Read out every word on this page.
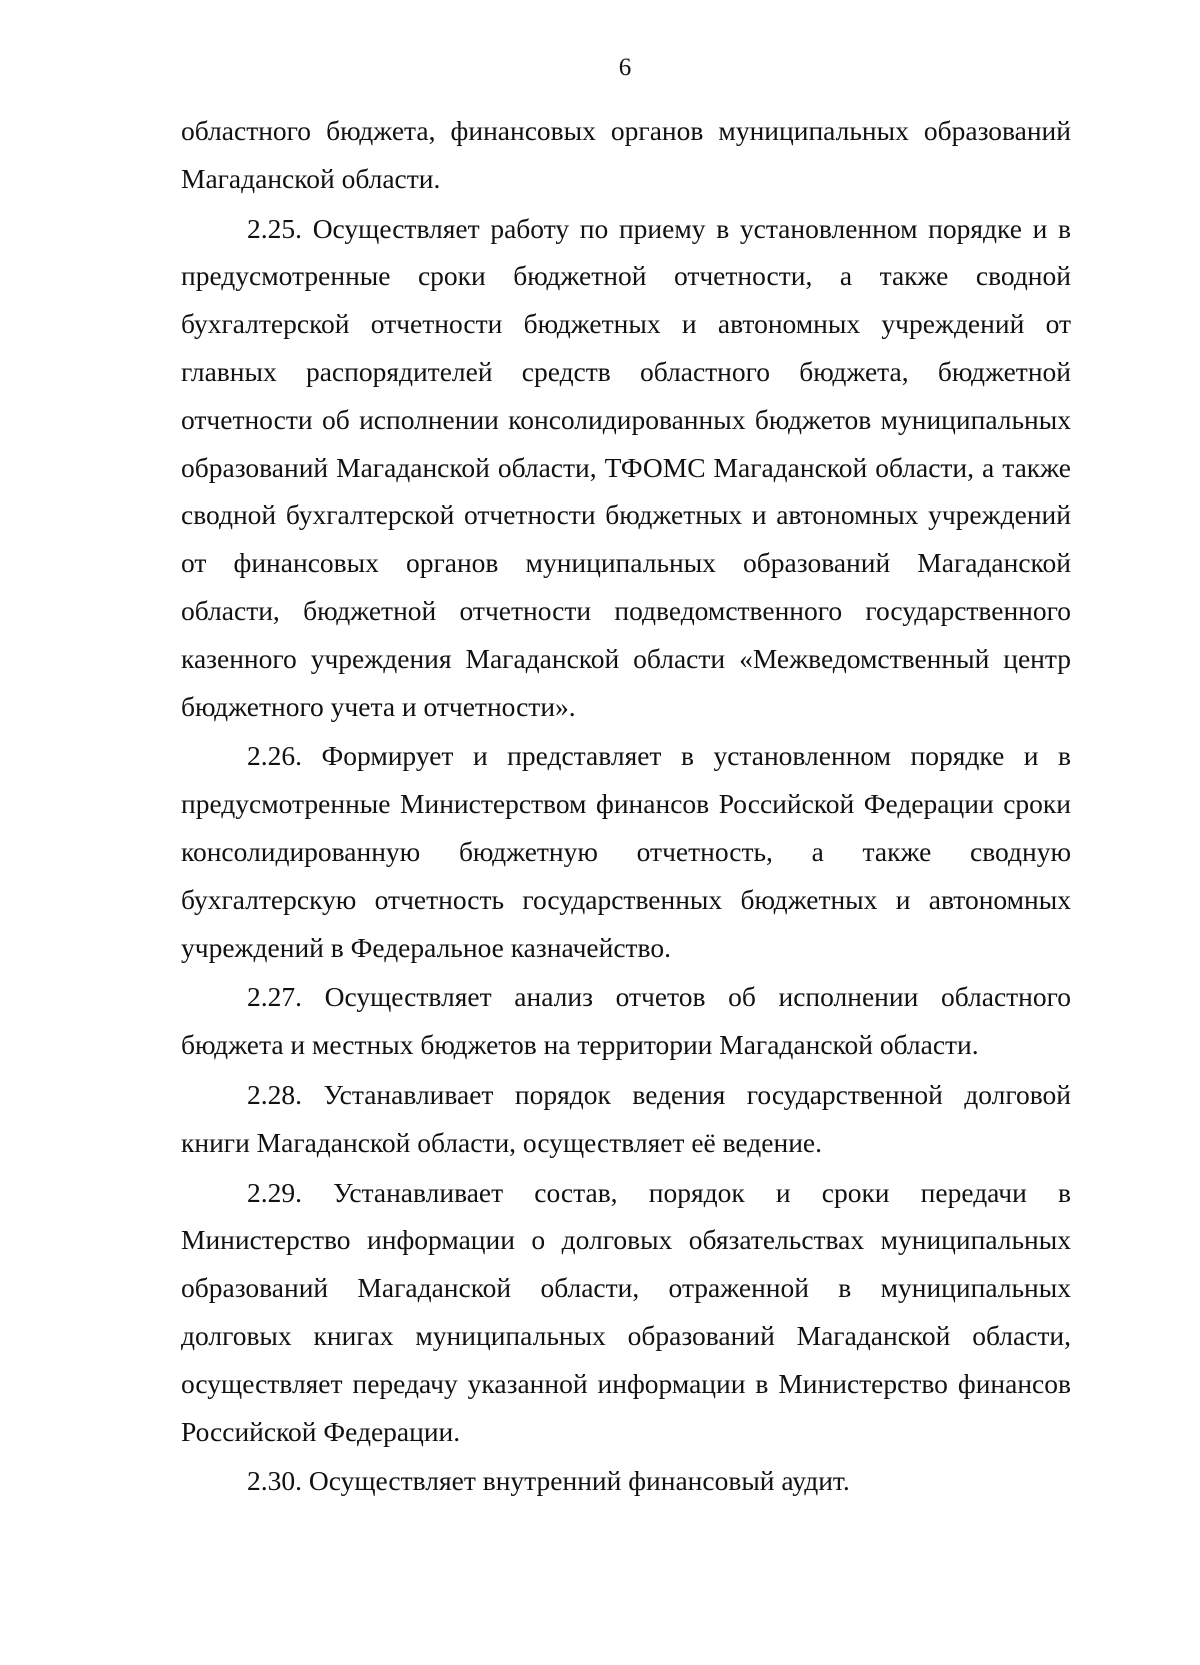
6

областного бюджета, финансовых органов муниципальных образований Магаданской области.

2.25. Осуществляет работу по приему в установленном порядке и в предусмотренные сроки бюджетной отчетности, а также сводной бухгалтерской отчетности бюджетных и автономных учреждений от главных распорядителей средств областного бюджета, бюджетной отчетности об исполнении консолидированных бюджетов муниципальных образований Магаданской области, ТФОМС Магаданской области, а также сводной бухгалтерской отчетности бюджетных и автономных учреждений от финансовых органов муниципальных образований Магаданской области, бюджетной отчетности подведомственного государственного казенного учреждения Магаданской области «Межведомственный центр бюджетного учета и отчетности».

2.26. Формирует и представляет в установленном порядке и в предусмотренные Министерством финансов Российской Федерации сроки консолидированную бюджетную отчетность, а также сводную бухгалтерскую отчетность государственных бюджетных и автономных учреждений в Федеральное казначейство.

2.27. Осуществляет анализ отчетов об исполнении областного бюджета и местных бюджетов на территории Магаданской области.

2.28. Устанавливает порядок ведения государственной долговой книги Магаданской области, осуществляет её ведение.

2.29. Устанавливает состав, порядок и сроки передачи в Министерство информации о долговых обязательствах муниципальных образований Магаданской области, отраженной в муниципальных долговых книгах муниципальных образований Магаданской области, осуществляет передачу указанной информации в Министерство финансов Российской Федерации.

2.30. Осуществляет внутренний финансовый аудит.
